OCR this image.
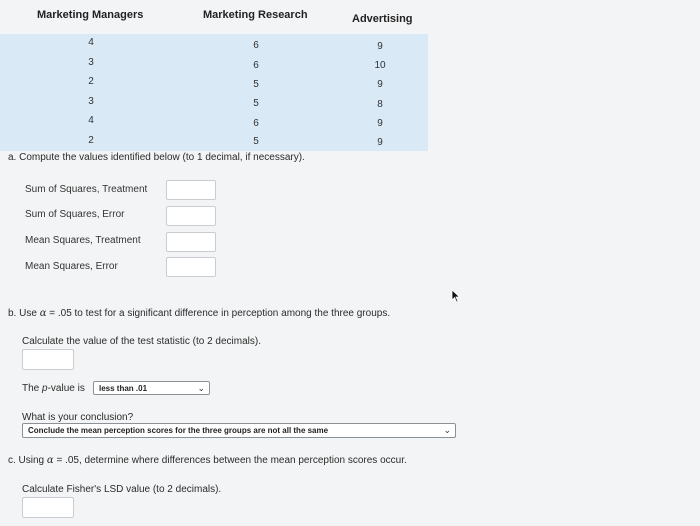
Marketing Managers	Marketing Research	Advertising
4	6	9
3	6	10
2	5	9
3	5	8
4	6	9
2	5	9
a. Compute the values identified below (to 1 decimal, if necessary).
Sum of Squares, Treatment
Sum of Squares, Error
Mean Squares, Treatment
Mean Squares, Error
b. Use α = .05 to test for a significant difference in perception among the three groups.
Calculate the value of the test statistic (to 2 decimals).
The p-value is	less than .01	⌄
What is your conclusion?
Conclude the mean perception scores for the three groups are not all the same	⌄
c. Using α = .05, determine where differences between the mean perception scores occur.
Calculate Fisher's LSD value (to 2 decimals).
